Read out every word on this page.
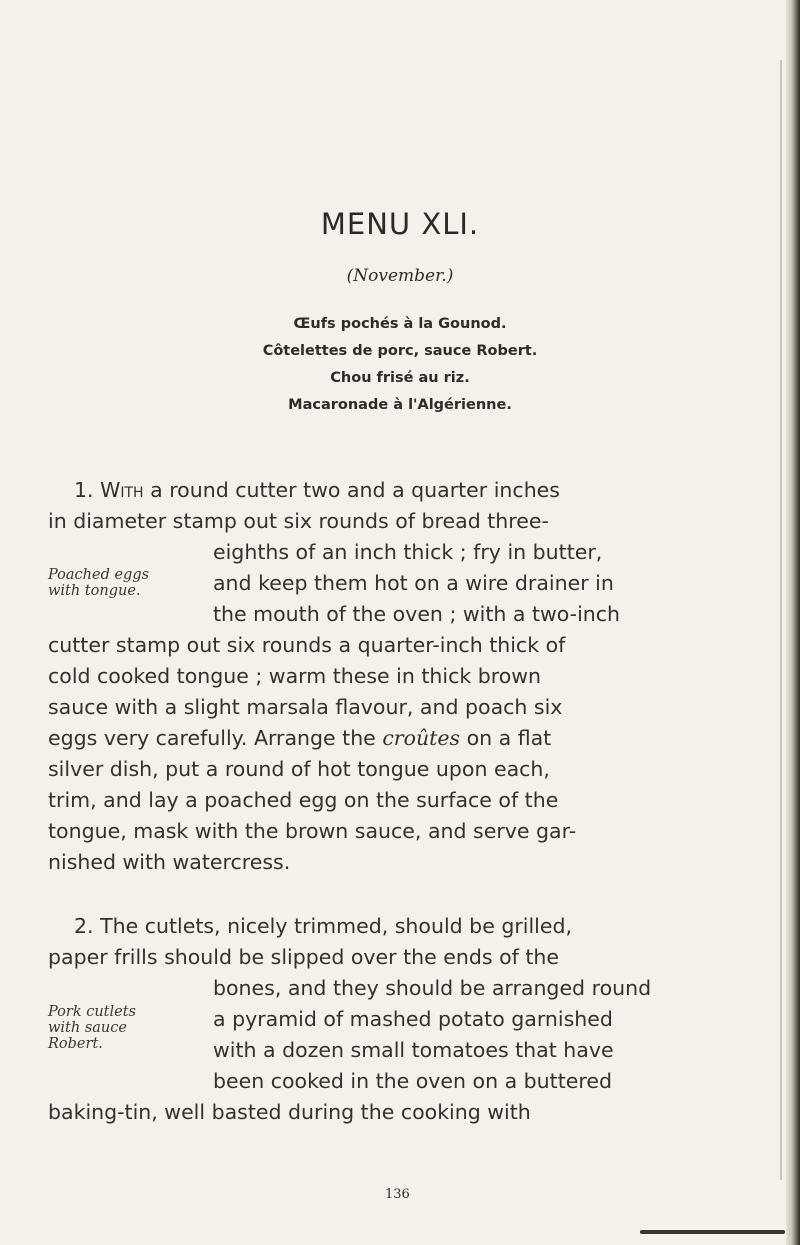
MENU XLI.
(November.)
Œufs pochés à la Gounod.
Côtelettes de porc, sauce Robert.
Chou frisé au riz.
Macaronade à l'Algérienne.
1. With a round cutter two and a quarter inches
in diameter stamp out six rounds of bread three-
eighths of an inch thick ; fry in butter,
Poached eggs
with tongue.	and keep them hot on a wire drainer in
the mouth of the oven ; with a two-inch
cutter stamp out six rounds a quarter-inch thick of
cold cooked tongue ; warm these in thick brown
sauce with a slight marsala flavour, and poach six
eggs very carefully. Arrange the croûtes on a flat
silver dish, put a round of hot tongue upon each,
trim, and lay a poached egg on the surface of the
tongue, mask with the brown sauce, and serve gar-
nished with watercress.
2. The cutlets, nicely trimmed, should be grilled,
paper frills should be slipped over the ends of the
bones, and they should be arranged round
Pork cutlets
with sauce
Robert.
a pyramid of mashed potato garnished
with a dozen small tomatoes that have
been cooked in the oven on a buttered
baking-tin, well basted during the cooking with
136
